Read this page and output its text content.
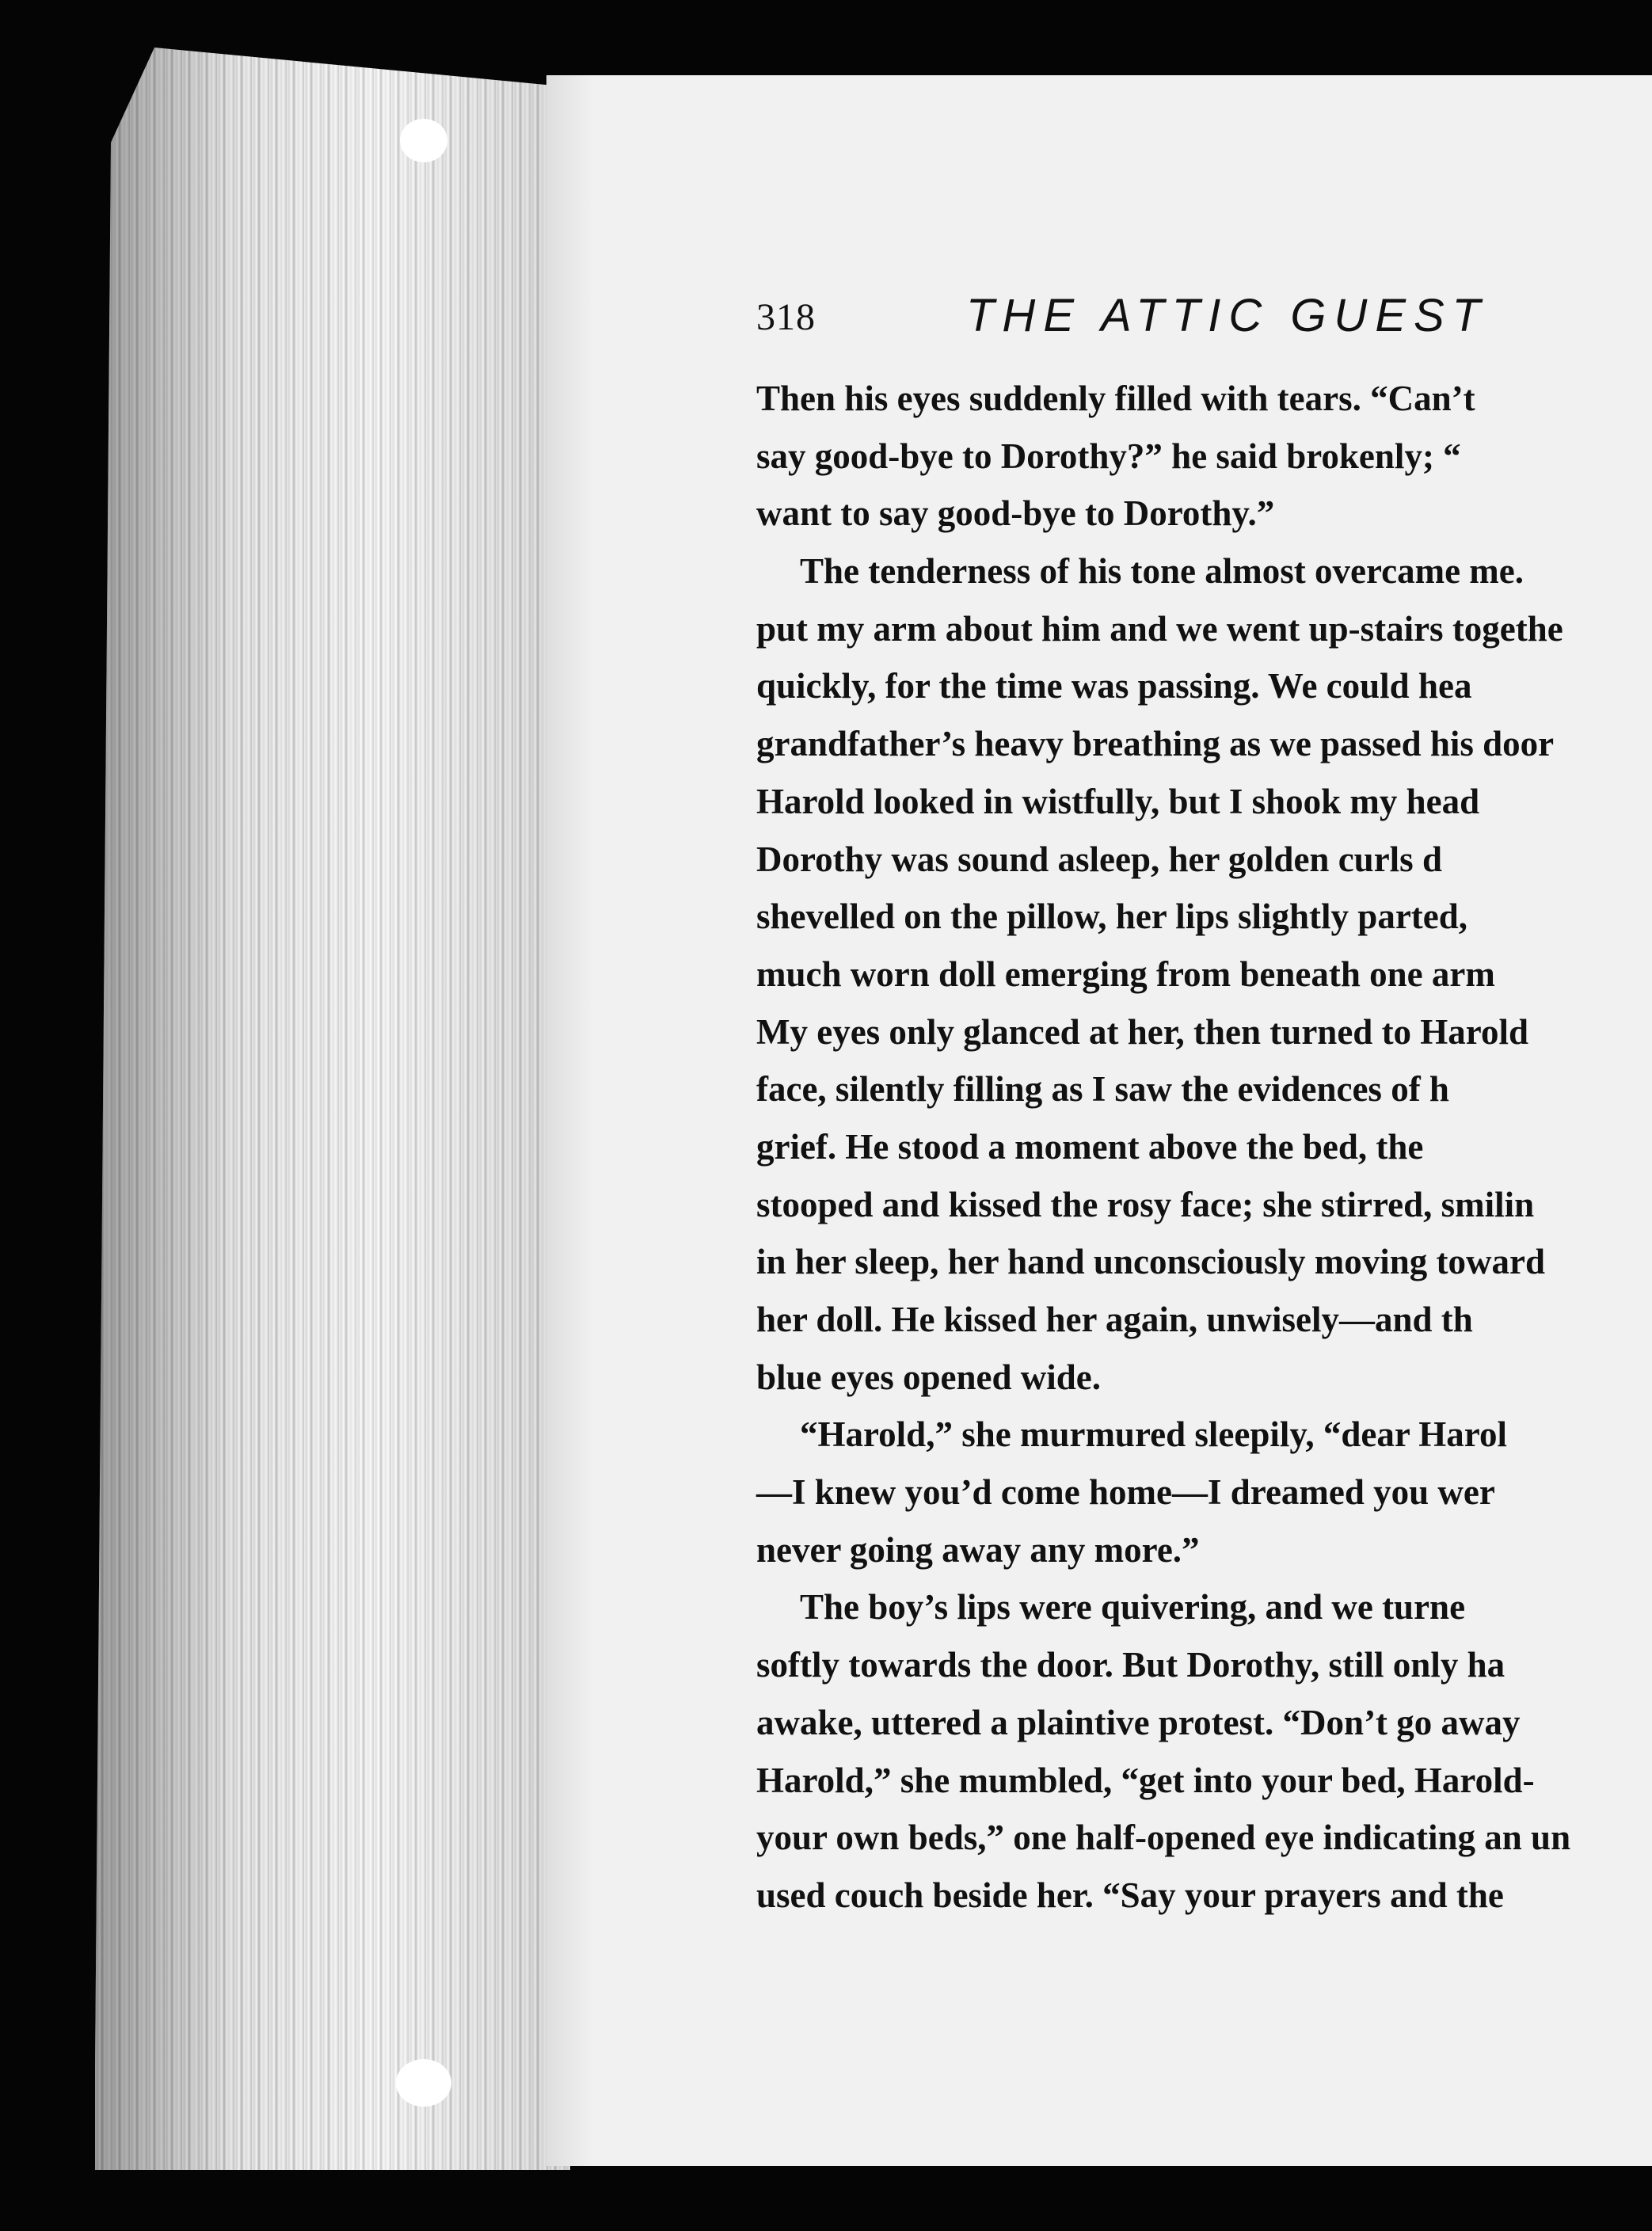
318	THE ATTIC GUEST
Then his eyes suddenly filled with tears. “Can’t
say good-bye to Dorothy?” he said brokenly; “
want to say good-bye to Dorothy.”
The tenderness of his tone almost overcame me.
put my arm about him and we went up-stairs togethe
quickly, for the time was passing. We could hea
grandfather’s heavy breathing as we passed his door
Harold looked in wistfully, but I shook my head
Dorothy was sound asleep, her golden curls d
shevelled on the pillow, her lips slightly parted,
much worn doll emerging from beneath one arm
My eyes only glanced at her, then turned to Harold
face, silently filling as I saw the evidences of h
grief. He stood a moment above the bed, the
stooped and kissed the rosy face; she stirred, smilin
in her sleep, her hand unconsciously moving toward
her doll. He kissed her again, unwisely—and th
blue eyes opened wide.
“Harold,” she murmured sleepily, “dear Harol
—I knew you’d come home—I dreamed you wer
never going away any more.”
The boy’s lips were quivering, and we turne
softly towards the door. But Dorothy, still only ha
awake, uttered a plaintive protest. “Don’t go away
Harold,” she mumbled, “get into your bed, Harold-
your own beds,” one half-opened eye indicating an un
used couch beside her. “Say your prayers and the
